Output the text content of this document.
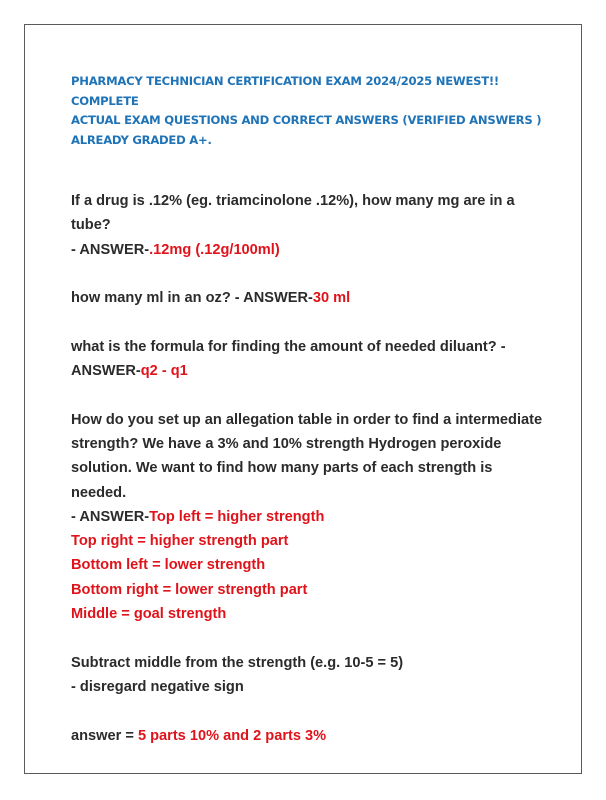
PHARMACY TECHNICIAN CERTIFICATION EXAM 2024/2025 NEWEST!! COMPLETE
ACTUAL EXAM QUESTIONS AND CORRECT ANSWERS (VERIFIED ANSWERS )
ALREADY GRADED A+.

If a drug is .12% (eg. triamcinolone .12%), how many mg are in a tube?
- ANSWER-.12mg (.12g/100ml)

how many ml in an oz? - ANSWER-30 ml

what is the formula for finding the amount of needed diluant? -
ANSWER-q2 - q1

How do you set up an allegation table in order to find a intermediate
strength? We have a 3% and 10% strength Hydrogen peroxide
solution. We want to find how many parts of each strength is needed.
- ANSWER-Top left = higher strength
Top right = higher strength part
Bottom left = lower strength
Bottom right = lower strength part
Middle = goal strength

Subtract middle from the strength (e.g. 10-5 = 5)
- disregard negative sign

answer = 5 parts 10% and 2 parts 3%
